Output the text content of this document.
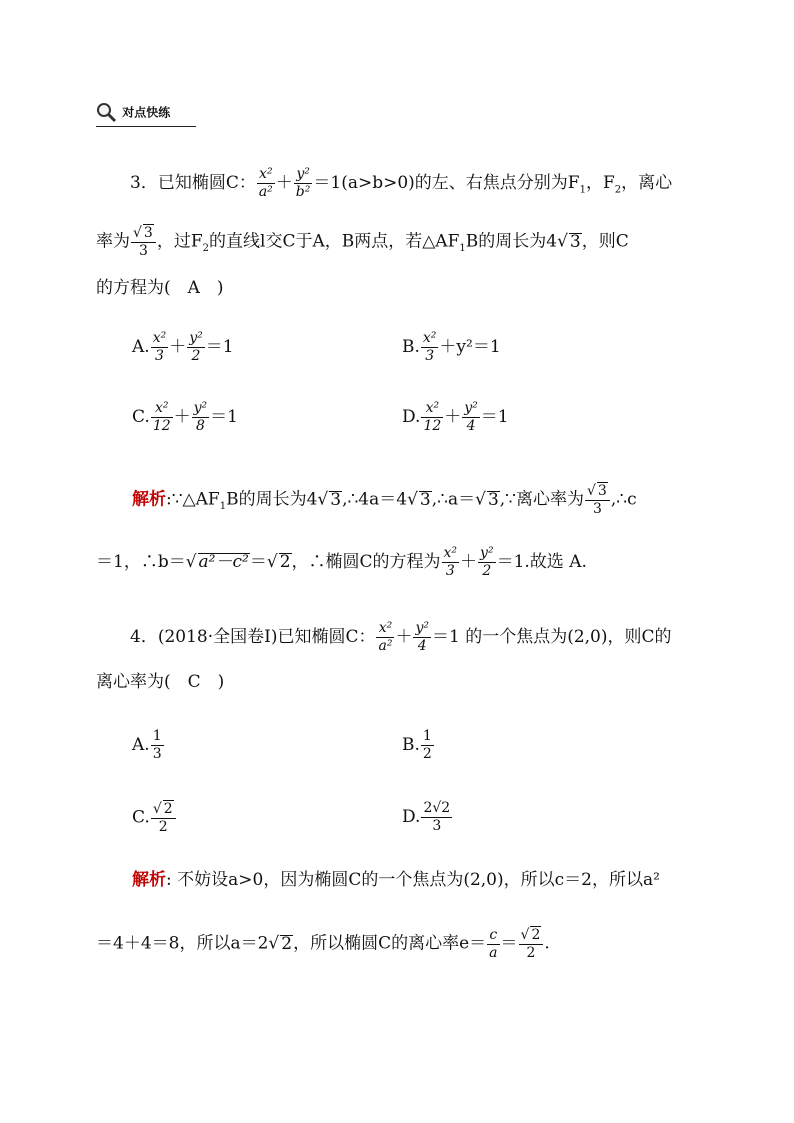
对点快练
3．已知椭圆C： $\frac{\text{x²}}{\text{a²}} + \frac{\text{y²}}{\text{b²}} =1(a>b>0)$的左、右焦点分别为$F_1$，$F_2$，离心
率为 $\frac{√ 3}{3}$ ，过$F_2$的直线l交C于A，B两点，若$\triangle AF_1B$的周长为4√ 3，则C
的方程为(　A　)
A. $\frac{\text{x²}}{3} + \frac{\text{y²}}{2} =1$	B. $\frac{\text{x²}}{3} +y^2=1$
C. $\frac{\text{x²}}{12} + \frac{\text{y²}}{8} =1$	D. $\frac{\text{x²}}{12} + \frac{\text{y²}}{4} =1$
解析$:\because\triangle AF_1B$的周长为4√ 3,∴4a＝4√ 3,∴a＝√ 3,∵离心率为 $\frac{√ 3}{3}$ ,∴c
＝1，∴b＝√ a²－c²＝√ 2，∴椭圆C的方程为 $\frac{\text{x²}}{3} + \frac{\text{y²}}{2} =1$.故选 A.
4．(2018·全国卷Ⅰ)已知椭圆C： $\frac{\text{x²}}{\text{a²}} + \frac{\text{y²}}{4} =1$ 的一个焦点为(2,0)，则C的
离心率为(　C　)
A. $\frac{1}{3}$	B. $\frac{1}{2}$
C. $\frac{√ 2}{2}$	D. $\frac{2√2}{3}$
解析: 不妨设a>0，因为椭圆C的一个焦点为(2,0)，所以c＝2，所以a²
＝4＋4＝8，所以a＝2√ 2，所以椭圆C的离心率$e= \frac{c}{a} = \frac{√ 2}{2}$ .
